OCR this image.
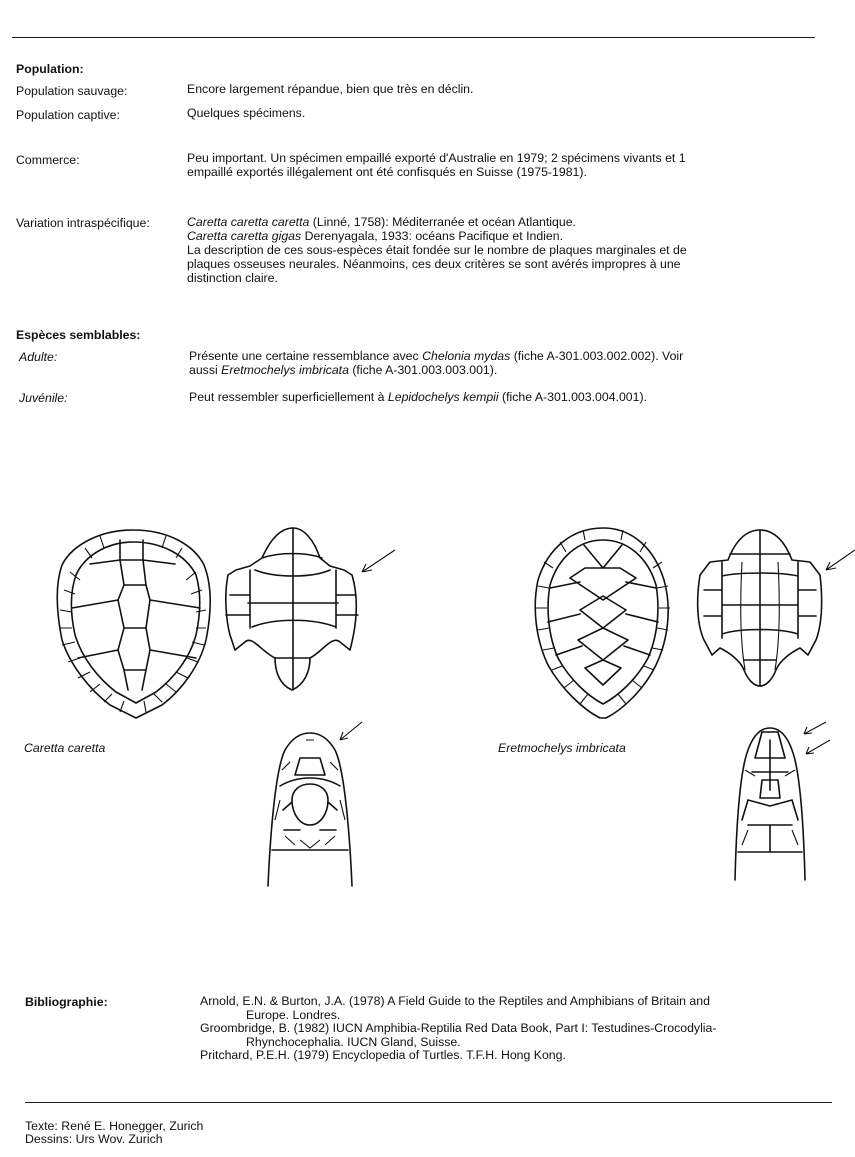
Population:
Population sauvage:	Encore largement répandue, bien que très en déclin.
Population captive:	Quelques spécimens.
Commerce:	Peu important. Un spécimen empaillé exporté d'Australie en 1979; 2 spécimens vivants et 1
empaillé exportés illégalement ont été confisqués en Suisse (1975-1981).
Variation intraspécifique:	Caretta caretta caretta (Linné, 1758): Méditerranée et océan Atlantique.
Caretta caretta gigas Derenyagala, 1933: océans Pacifique et Indien.
La description de ces sous-espèces était fondée sur le nombre de plaques marginales et de
plaques osseuses neurales. Néanmoins, ces deux critères se sont avérés impropres à une
distinction claire.
Espèces semblables:
Adulte:	Présente une certaine ressemblance avec Chelonia mydas (fiche A-301.003.002.002). Voir
aussi Eretmochelys imbricata (fiche A-301.003.003.001).
Juvénile:	Peut ressembler superficiellement à Lepidochelys kempii (fiche A-301.003.004.001).
Caretta caretta	Eretmochelys imbricata
Bibliographie:	Arnold, E.N. & Burton, J.A. (1978) A Field Guide to the Reptiles and Amphibians of Britain and
Europe. Londres.
Groombridge, B. (1982) IUCN Amphibia-Reptilia Red Data Book, Part I: Testudines-Crocodylia-
Rhynchocephalia. IUCN Gland, Suisse.
Pritchard, P.E.H. (1979) Encyclopedia of Turtles. T.F.H. Hong Kong.
Texte: René E. Honegger, Zurich
Dessins: Urs Wov. Zurich
